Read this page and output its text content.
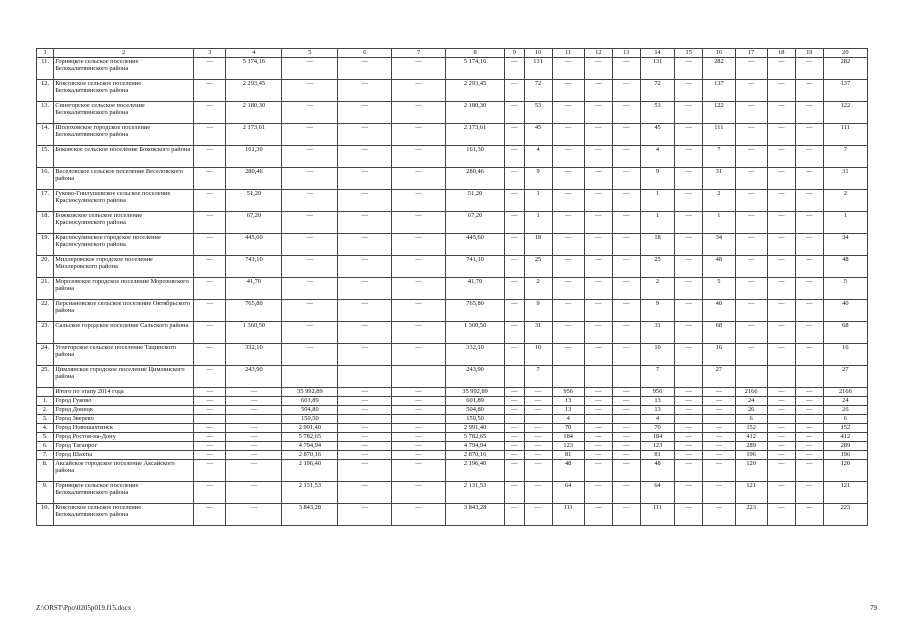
1	2	3	4	5	6	7	8	9	10	11	12	13	14	15	16	17	18	19	20
11.	Горняцкое сельское поселение Белокалитвинского района	—	5 174,16	—	—	—	5 174,16	—	131	—	—	—	131	—	282	—	—	—	282
12.	Коксовское сельское поселение Белокалитвинского района	—	2 293,45	—	—	—	2 293,45	—	72	—	—	—	72	—	137	—	—	—	137
13.	Синегорское сельское поселение Белокалитвинского района	—	2 180,30	—	—	—	2 180,30	—	53	—	—	—	53	—	122	—	—	—	122
14.	Шолоховское городское поселение Белокалитвинского района	—	2 173,61	—	—	—	2 173,61	—	45	—	—	—	45	—	111	—	—	—	111
15.	Боковское сельское поселение Боковского района	—	161,30	—	—	—	161,30	—	4	—	—	—	4	—	7	—	—	—	7
16.	Веселовское сельское поселение Веселовского района	—	280,46	—	—	—	280,46	—	9	—	—	—	9	—	31	—	—	—	31
17.	Гуково-Гнилушевское сельское поселение Красносулинского района	—	51,20	—	—	—	51,20	—	1	—	—	—	1	—	2	—	—	—	2
18.	Божковское сельское поселение Красносулинского района	—	67,20	—	—	—	67,20	—	1	—	—	—	1	—	1	—	—	—	1
19.	Красносулинское городское поселение Красносулинского района	—	445,60	—	—	—	445,60	—	18	—	—	—	18	—	34	—	—	—	34
20.	Миллеровское городское поселение Миллеровского района	—	741,10	—	—	—	741,10	—	25	—	—	—	25	—	48	—	—	—	48
21.	Морозовское городское поселение Морозовского района	—	41,70	—	—	—	41,70	—	2	—	—	—	2	—	5	—	—	—	5
22.	Персиановское сельское поселение Октябрьского района	—	765,80	—	—	—	765,80	—	9	—	—	—	9	—	40	—	—	—	40
23.	Сальское городское поселение Сальского района	—	1 360,50	—	—	—	1 360,50	—	31	—	—	—	31	—	68	—	—	—	68
24.	Углегорское сельское поселение Тацинского района	—	332,10	—	—	—	332,10	—	10	—	—	—	10	—	16	—	—	—	16
25.	Цимлянское городское поселение Цимлянского района	—	243,90				243,90		7				7		27				27
	Итого по этапу 2014 года	—	—	35 992,89	—	—	35 992,89	—	—	956	—	—	956	—	—	2166	—	—	2166
1.	Город Гуково	—	—	601,89	—	—	601,89	—	—	13	—	—	13	—	—	24	—	—	24
2.	Город Донецк	—	—	504,80	—	—	504,80	—	—	13	—	—	13	—	—	26	—	—	26
3.	Город Зверево			159,50			159,50			4			4			6			6
4.	Город Новошахтинск	—	—	2 991,40	—	—	2 991,40	—	—	70	—	—	70	—	—	152	—	—	152
5.	Город Ростов-на-Дону	—	—	5 782,65	—	—	5 782,65	—	—	184	—	—	184	—	—	412	—	—	412
6.	Город Таганрог	—	—	4 794,94	—	—	4 794,94	—	—	123	—	—	123	—	—	289	—	—	289
7.	Город Шахты	—	—	2 870,16	—	—	2 870,16	—	—	81	—	—	81	—	—	196	—	—	196
8.	Аксайское городское поселение Аксайского района	—	—	2 196,40	—	—	2 196,40	—	—	48	—	—	48	—	—	120	—	—	120
9.	Горняцкое сельское поселение Белокалитвинского района	—	—	2 131,53	—	—	2 131,53	—	—	64	—	—	64	—	—	121	—	—	121
10.	Коксовское сельское поселение Белокалитвинского района	—	—	3 843,28	—	—	3 843,28	—	—	111	—	—	111	—	—	223	—	—	223
Z:\ORST\Ppo\0205p019.f15.docx	79
